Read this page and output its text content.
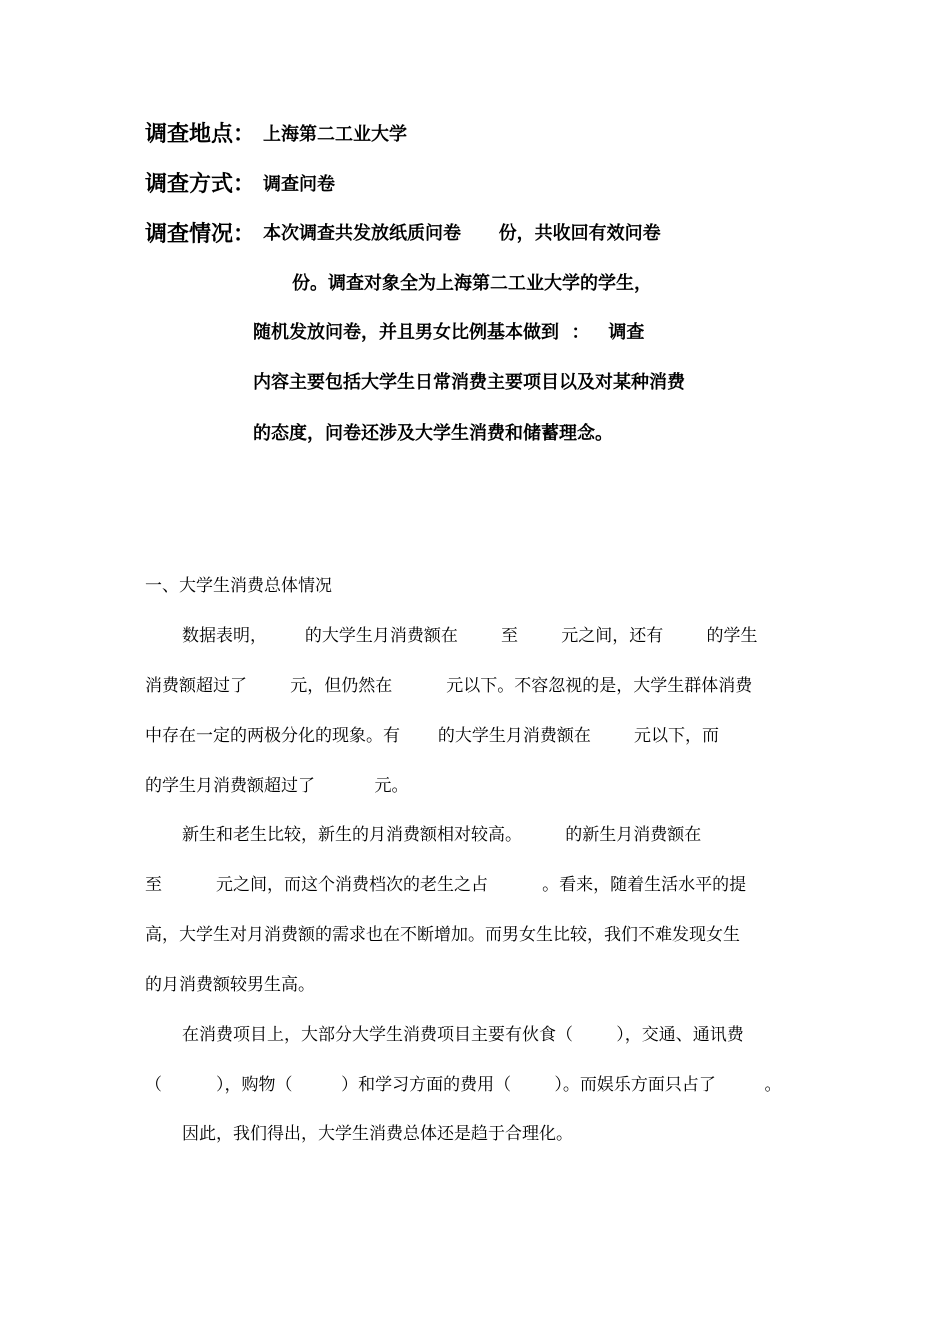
调查地点： 上海第二工业大学
调查方式： 调查问卷
调查情况： 本次调查共发放纸质问卷      份，共收回有效问卷
份。调查对象全为上海第二工业大学的学生，
随机发放问卷，并且男女比例基本做到  ：   调查
内容主要包括大学生日常消费主要项目以及对某种消费
的态度，问卷还涉及大学生消费和储蓄理念。
一、大学生消费总体情况
数据表明，       的大学生月消费额在        至        元之间，还有        的学生
消费额超过了        元，但仍然在          元以下。不容忽视的是，大学生群体消费
中存在一定的两极分化的现象。有       的大学生月消费额在        元以下，而
的学生月消费额超过了           元。
新生和老生比较，新生的月消费额相对较高。        的新生月消费额在
至          元之间，而这个消费档次的老生之占          。看来，随着生活水平的提
高，大学生对月消费额的需求也在不断增加。而男女生比较，我们不难发现女生
的月消费额较男生高。
在消费项目上，大部分大学生消费项目主要有伙食（        ），交通、通讯费
（          ），购物（         ）和学习方面的费用（        ）。而娱乐方面只占了         。
因此，我们得出，大学生消费总体还是趋于合理化。
